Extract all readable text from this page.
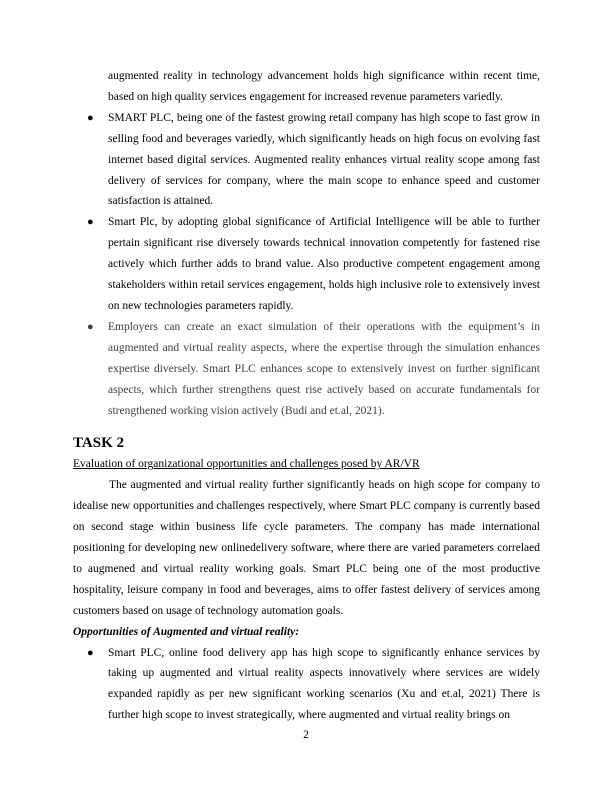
augmented reality in technology advancement holds high significance within recent time, based on high quality services engagement for increased revenue parameters variedly.

● SMART PLC, being one of the fastest growing retail company has high scope to fast grow in selling food and beverages variedly, which significantly heads on high focus on evolving fast internet based digital services. Augmented reality enhances virtual reality scope among fast delivery of services for company, where the main scope to enhance speed and customer satisfaction is attained.
● Smart Plc, by adopting global significance of Artificial Intelligence will be able to further pertain significant rise diversely towards technical innovation competently for fastened rise actively which further adds to brand value. Also productive competent engagement among stakeholders within retail services engagement, holds high inclusive role to extensively invest on new technologies parameters rapidly.
● Employers can create an exact simulation of their operations with the equipment’s in augmented and virtual reality aspects, where the expertise through the simulation enhances expertise diversely. Smart PLC enhances scope to extensively invest on further significant aspects, which further strengthens quest rise actively based on accurate fundamentals for strengthened working vision actively (Budi and et.al, 2021).
TASK 2

Evaluation of organizational opportunities and challenges posed by AR/VR

The augmented and virtual reality further significantly heads on high scope for company to idealise new opportunities and challenges respectively, where Smart PLC company is currently based on second stage within business life cycle parameters. The company has made international positioning for developing new onlinedelivery software, where there are varied parameters correlaed to augmened and virtual reality working goals. Smart PLC being one of the most productive hospitality, leisure company in food and beverages, aims to offer fastest delivery of services among customers based on usage of technology automation goals.

Opportunities of Augmented and virtual reality:

● Smart PLC, online food delivery app has high scope to significantly enhance services by taking up augmented and virtual reality aspects innovatively where services are widely expanded rapidly as per new significant working scenarios (Xu and et.al, 2021) There is further high scope to invest strategically, where augmented and virtual reality brings on
2
